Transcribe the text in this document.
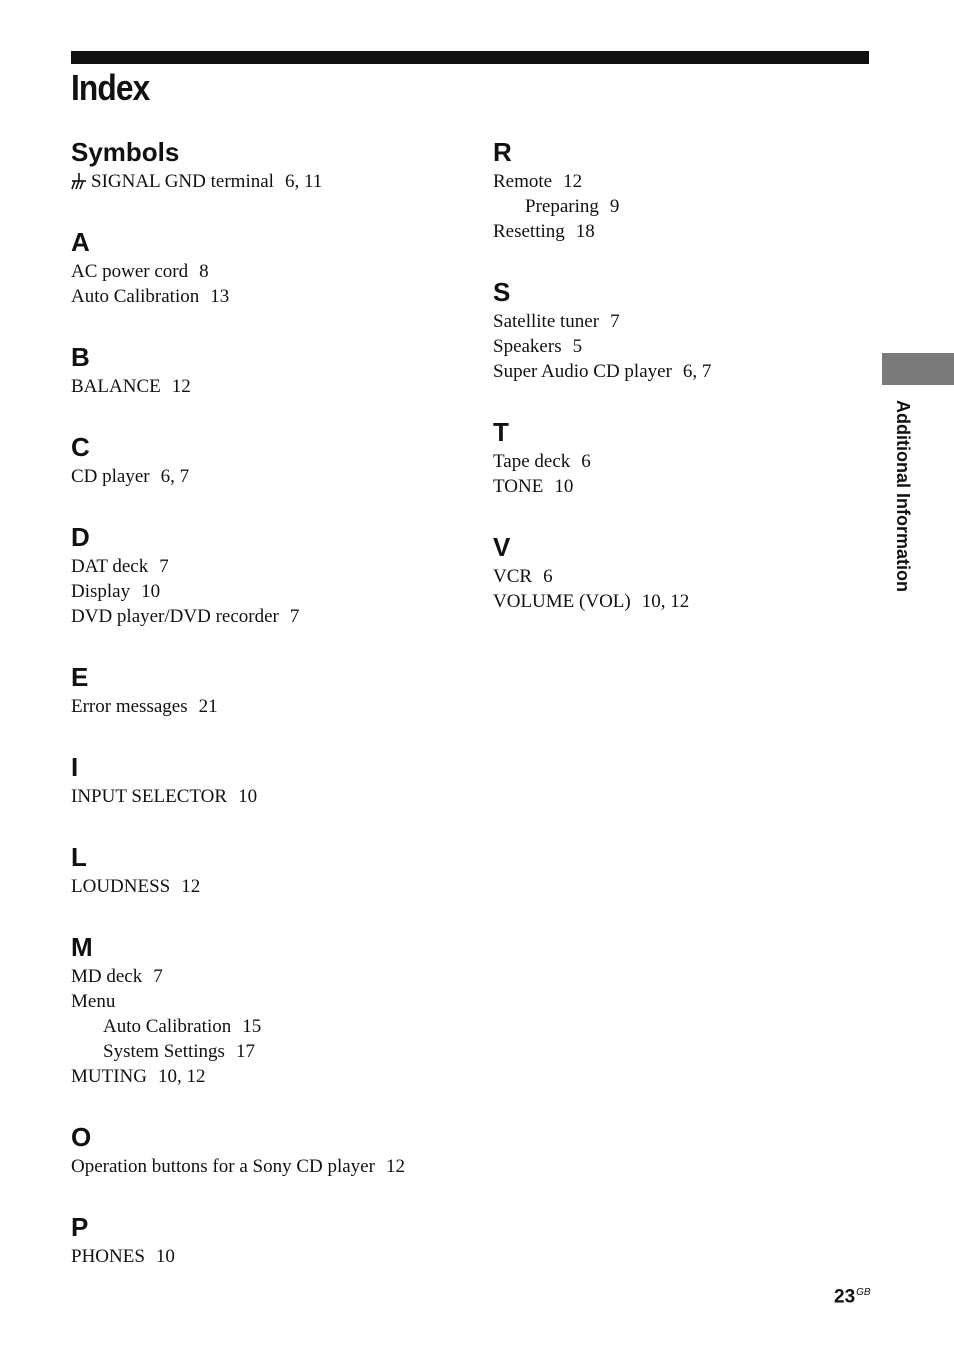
Index
Symbols
SIGNAL GND terminal 6, 11
A
AC power cord 8
Auto Calibration 13
B
BALANCE 12
C
CD player 6, 7
D
DAT deck 7
Display 10
DVD player/DVD recorder 7
E
Error messages 21
I
INPUT SELECTOR 10
L
LOUDNESS 12
M
MD deck 7
Menu
Auto Calibration 15
System Settings 17
MUTING 10, 12
O
Operation buttons for a Sony CD player 12
P
PHONES 10
R
Remote 12
Preparing 9
Resetting 18
S
Satellite tuner 7
Speakers 5
Super Audio CD player 6, 7
T
Tape deck 6
TONE 10
V
VCR 6
VOLUME (VOL) 10, 12
Additional Information
$23^{GB}$
